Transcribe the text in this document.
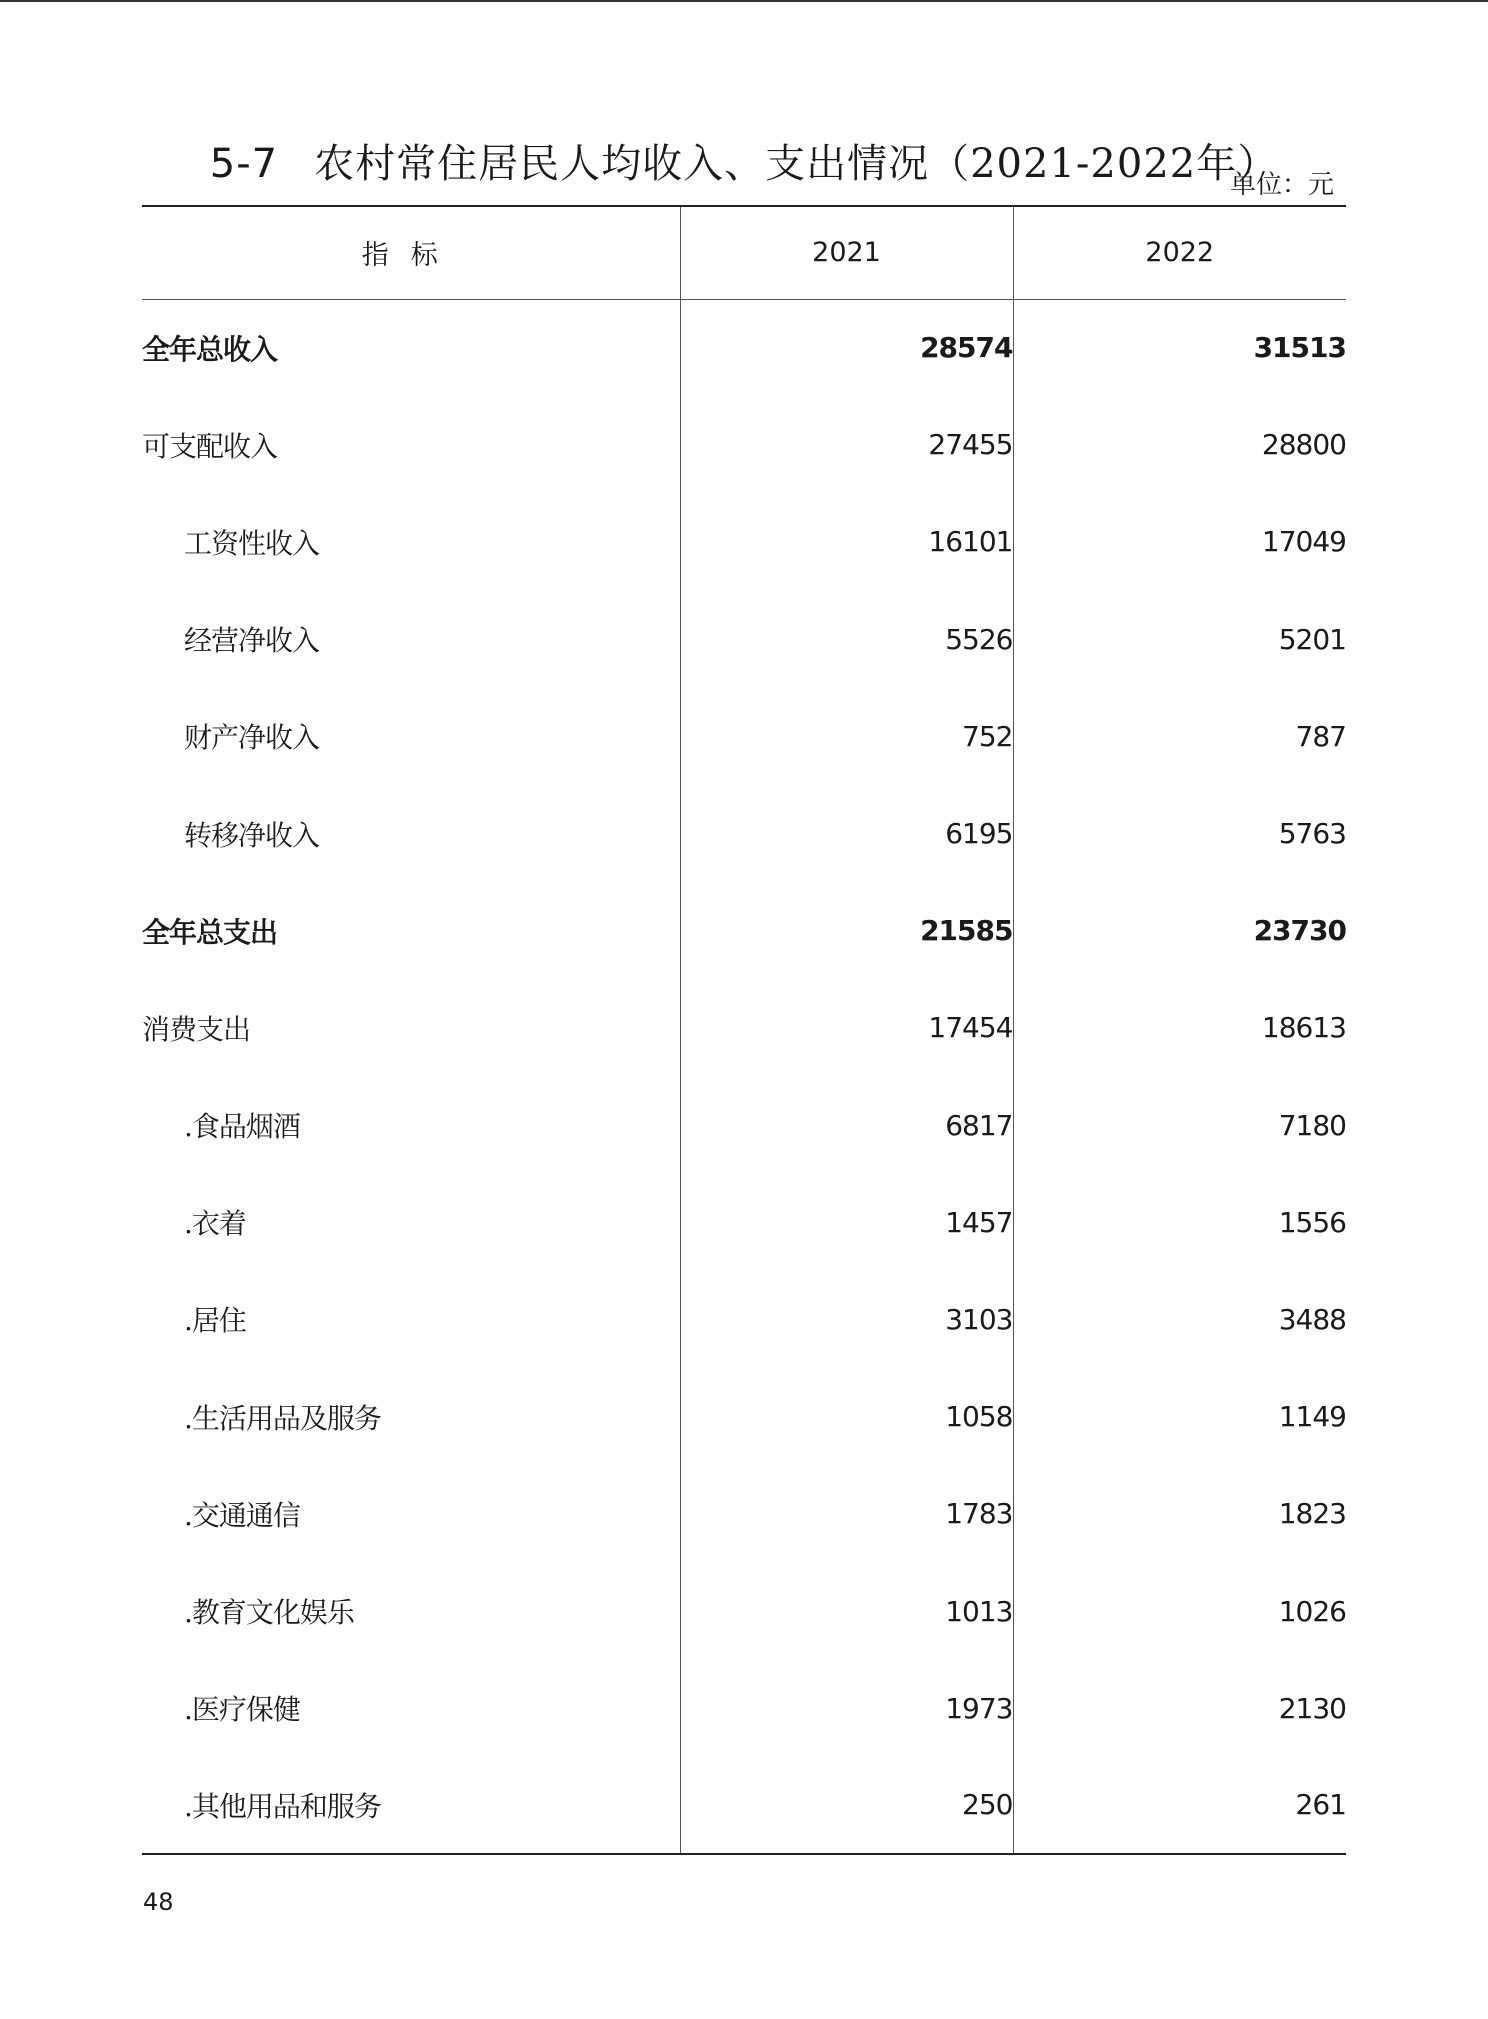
5-7 农村常住居民人均收入、支出情况（2021-2022年）
单位：元
指标	2021	2022
全年总收入	28574	31513
可支配收入	27455	28800
工资性收入	16101	17049
经营净收入	5526	5201
财产净收入	752	787
转移净收入	6195	5763
全年总支出	21585	23730
消费支出	17454	18613
.食品烟酒	6817	7180
.衣着	1457	1556
.居住	3103	3488
.生活用品及服务	1058	1149
.交通通信	1783	1823
.教育文化娱乐	1013	1026
.医疗保健	1973	2130
.其他用品和服务	250	261
48
